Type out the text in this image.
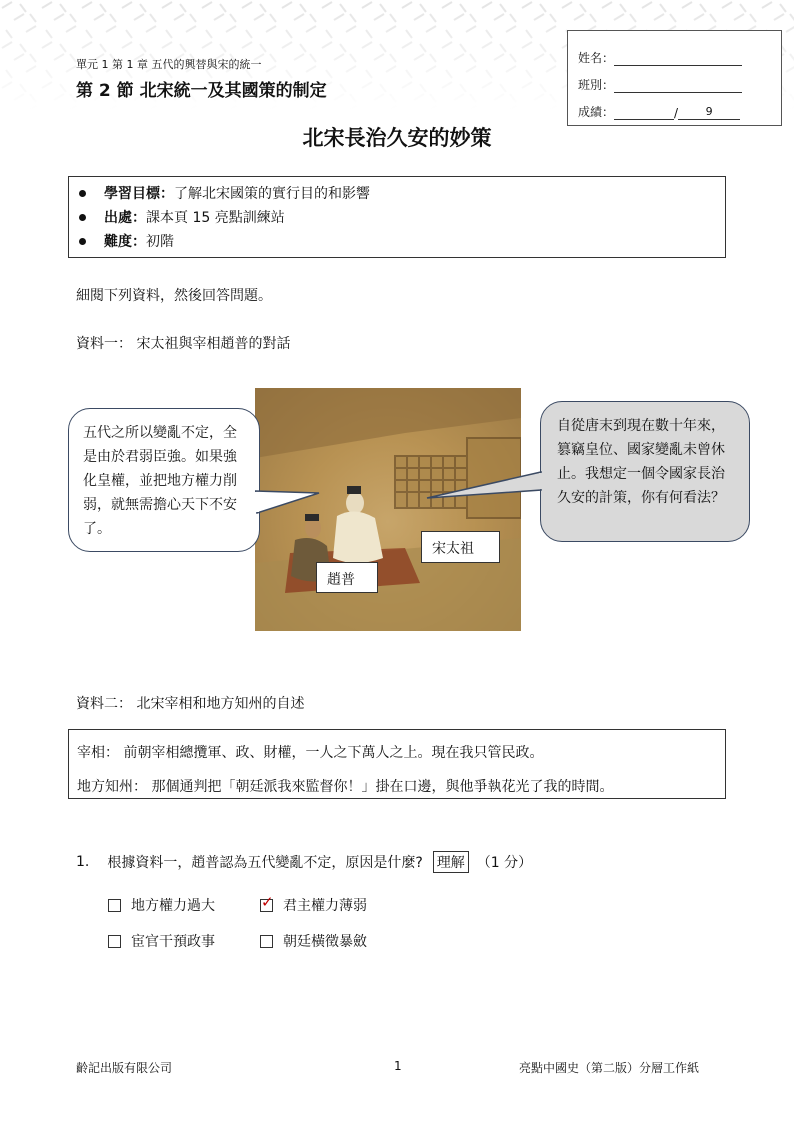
單元 1 第 1 章 五代的興替與宋的統一
第 2 節 北宋統一及其國策的制定
姓名：
班別：
成績：	/	9
北宋長治久安的妙策
學習目標： 了解北宋國策的實行目的和影響
出處： 課本頁 15 亮點訓練站
難度： 初階
細閱下列資料，然後回答問題。
資料一： 宋太祖與宰相趙普的對話
五代之所以變亂不定，全是由於君弱臣強。如果強化皇權，並把地方權力削弱，就無需擔心天下不安了。
自從唐末到現在數十年來，篡竊皇位、國家變亂未曾休止。我想定一個令國家長治久安的計策，你有何看法？
宋太祖
趙普
資料二： 北宋宰相和地方知州的自述
宰相： 前朝宰相總攬軍、政、財權，一人之下萬人之上。現在我只管民政。
地方知州： 那個通判把「朝廷派我來監督你！」掛在口邊，與他爭執花光了我的時間。
1. 根據資料一，趙普認為五代變亂不定，原因是什麼? 理解 （1 分）
地方權力過大	✓ 君主權力薄弱
宦官干預政事	朝廷橫徵暴斂
齡記出版有限公司	1	亮點中國史（第二版）分層工作紙
